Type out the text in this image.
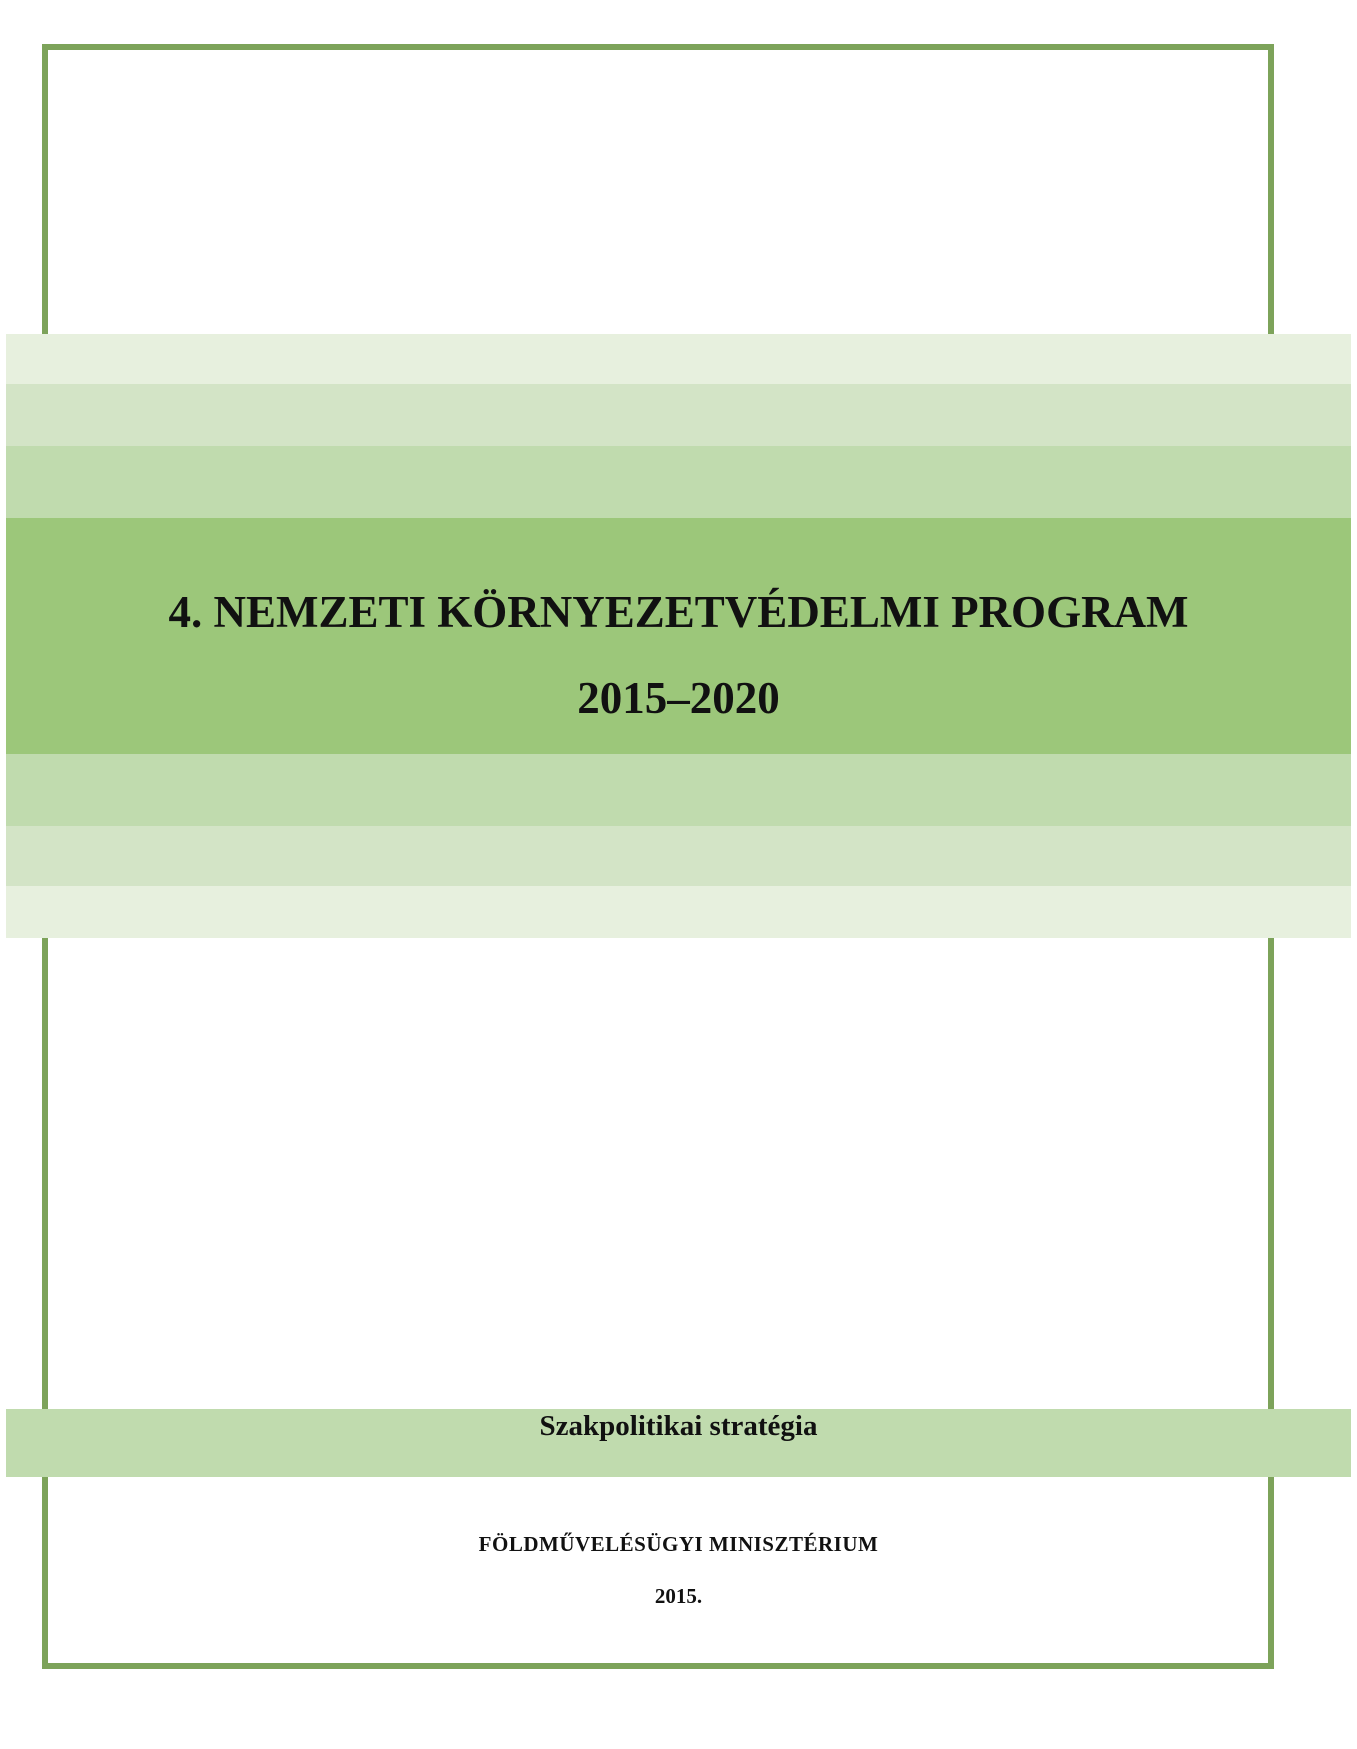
4. NEMZETI KÖRNYEZETVÉDELMI PROGRAM
2015–2020
Szakpolitikai stratégia
FÖLDMŰVELÉSÜGYI MINISZTÉRIUM
2015.
